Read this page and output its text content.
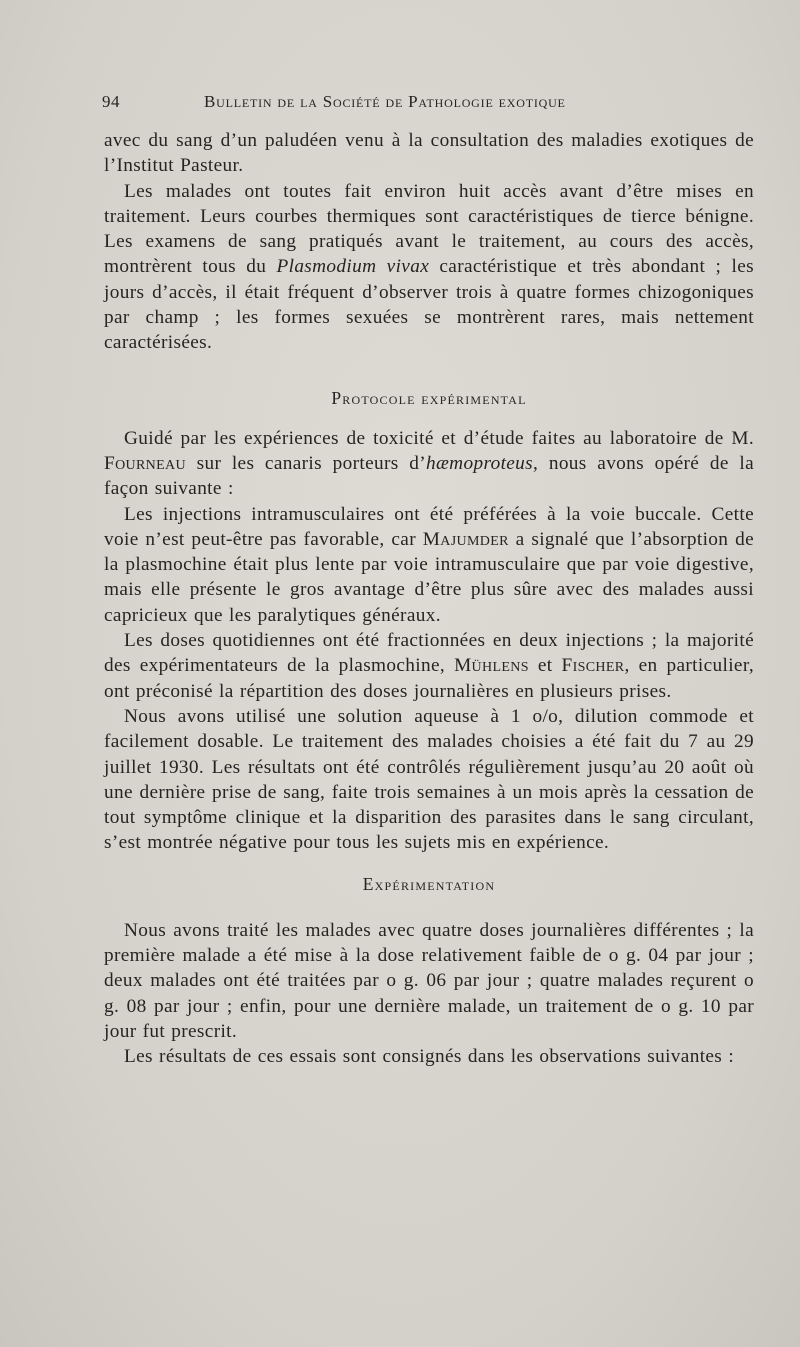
94	Bulletin de la Société de Pathologie exotique

avec du sang d’un paludéen venu à la consultation des maladies exotiques de l’Institut Pasteur.

Les malades ont toutes fait environ huit accès avant d’être mises en traitement. Leurs courbes thermiques sont caractéristiques de tierce bénigne. Les examens de sang pratiqués avant le traitement, au cours des accès, montrèrent tous du Plasmodium vivax caractéristique et très abondant ; les jours d’accès, il était fréquent d’observer trois à quatre formes chizogoniques par champ ; les formes sexuées se montrèrent rares, mais nettement caractérisées.

Protocole expérimental

Guidé par les expériences de toxicité et d’étude faites au laboratoire de M. Fourneau sur les canaris porteurs d’hæmoproteus, nous avons opéré de la façon suivante :

Les injections intramusculaires ont été préférées à la voie buccale. Cette voie n’est peut-être pas favorable, car Majumder a signalé que l’absorption de la plasmochine était plus lente par voie intramusculaire que par voie digestive, mais elle présente le gros avantage d’être plus sûre avec des malades aussi capricieux que les paralytiques généraux.

Les doses quotidiennes ont été fractionnées en deux injections ; la majorité des expérimentateurs de la plasmochine, Mühlens et Fischer, en particulier, ont préconisé la répartition des doses journalières en plusieurs prises.

Nous avons utilisé une solution aqueuse à 1 o/o, dilution commode et facilement dosable. Le traitement des malades choisies a été fait du 7 au 29 juillet 1930. Les résultats ont été contrôlés régulièrement jusqu’au 20 août où une dernière prise de sang, faite trois semaines à un mois après la cessation de tout symptôme clinique et la disparition des parasites dans le sang circulant, s’est montrée négative pour tous les sujets mis en expérience.

Expérimentation

Nous avons traité les malades avec quatre doses journalières différentes ; la première malade a été mise à la dose relativement faible de o g. 04 par jour ; deux malades ont été traitées par o g. 06 par jour ; quatre malades reçurent o g. 08 par jour ; enfin, pour une dernière malade, un traitement de o g. 10 par jour fut prescrit.

Les résultats de ces essais sont consignés dans les observations suivantes :
